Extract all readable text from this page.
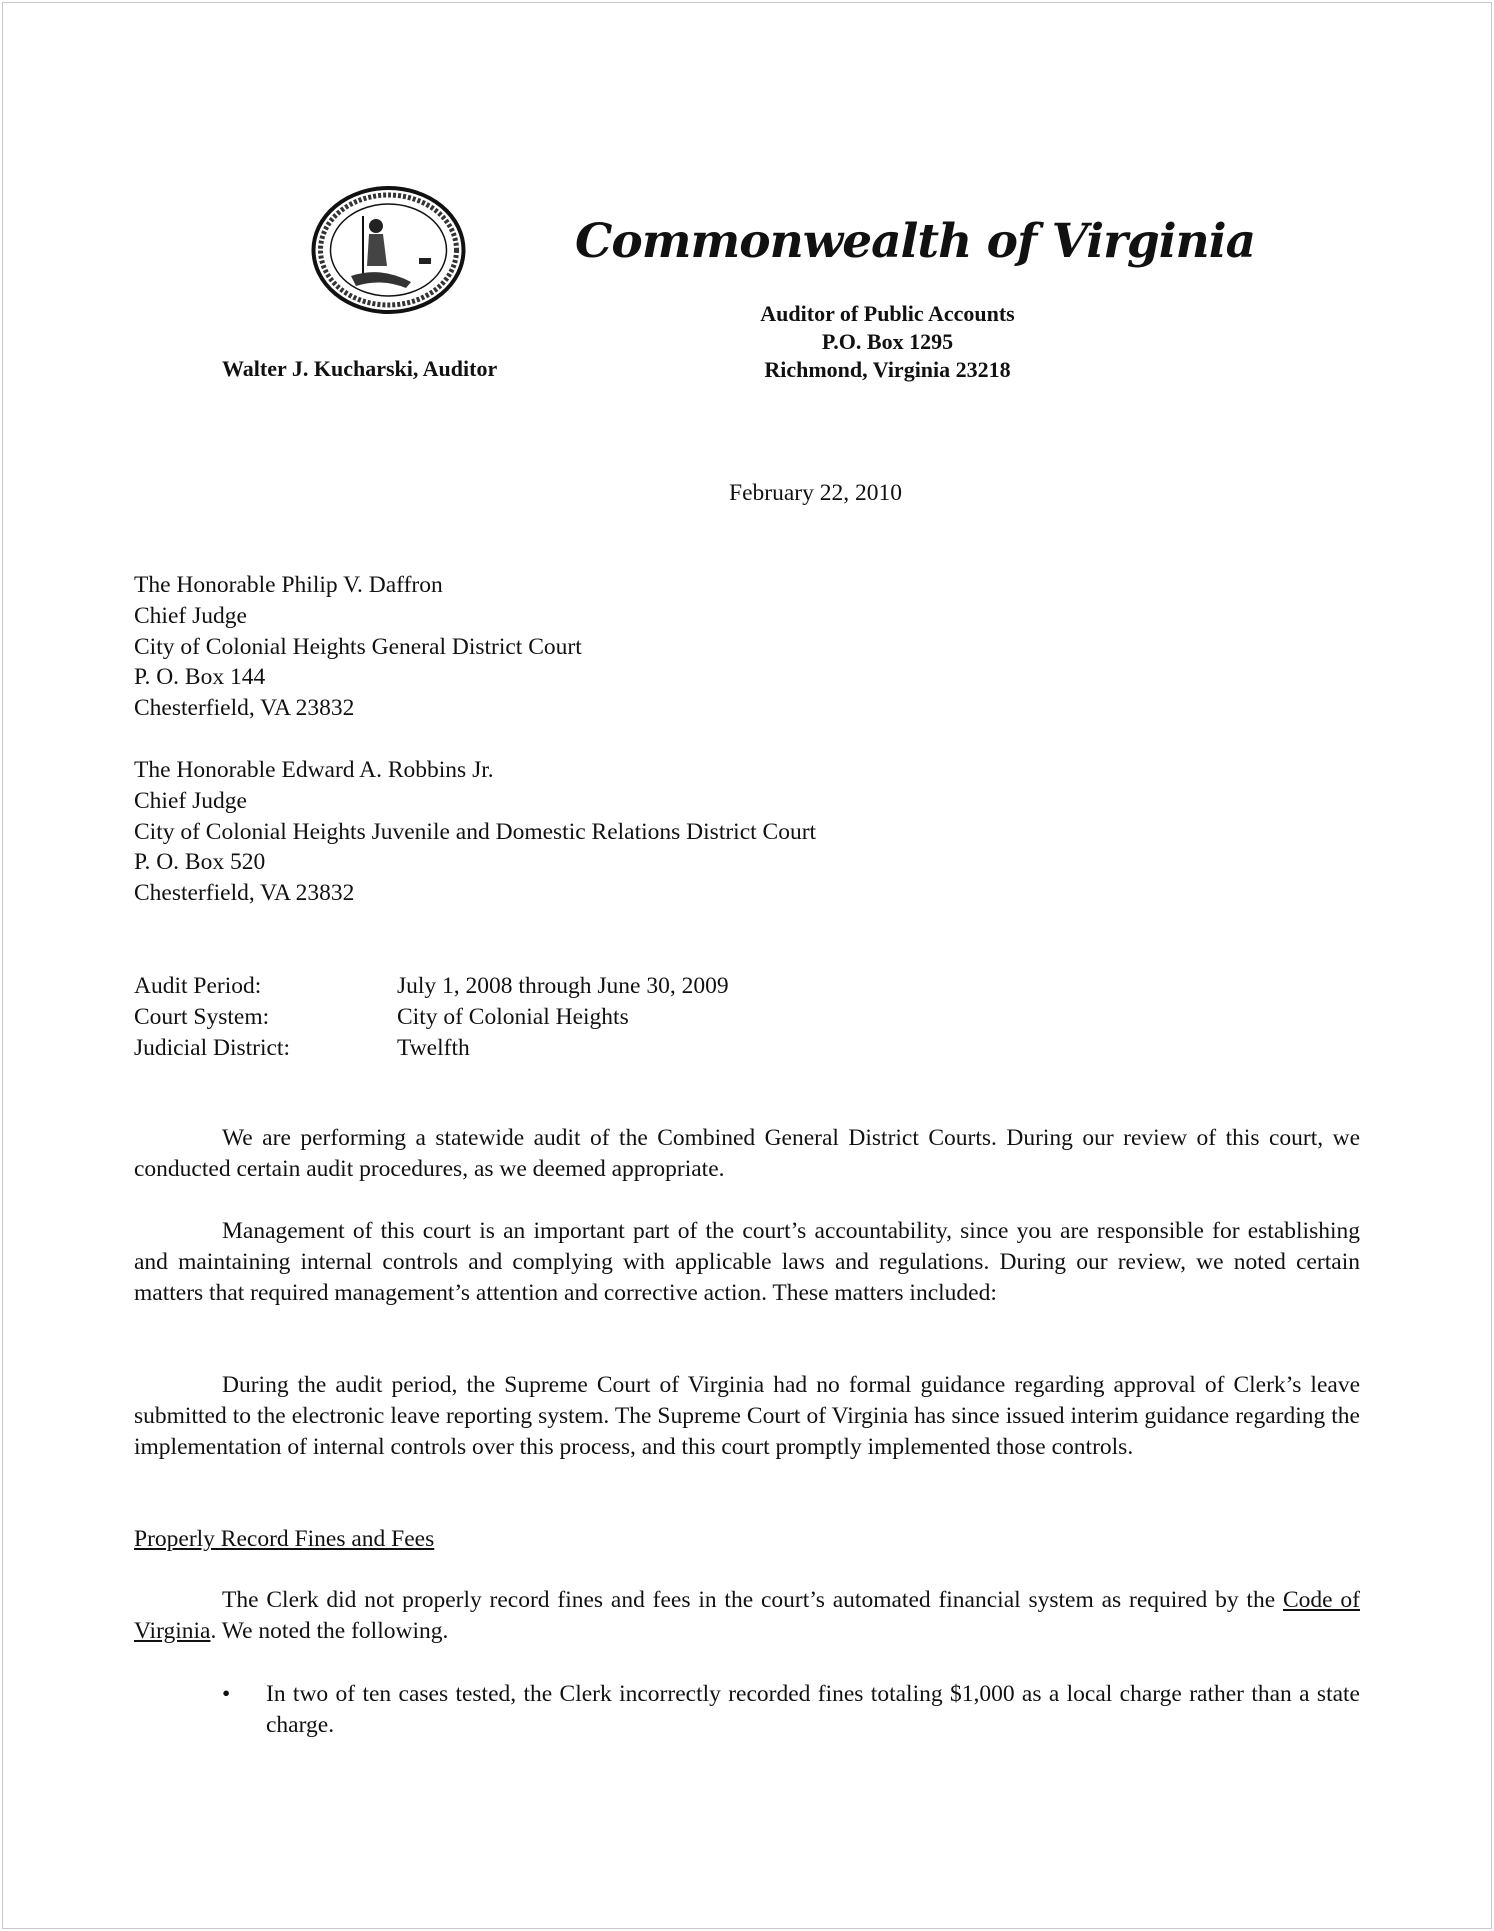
Commonwealth of Virginia
Auditor of Public Accounts
P.O. Box 1295
Richmond, Virginia 23218
Walter J. Kucharski, Auditor
February 22, 2010
The Honorable Philip V. Daffron
Chief Judge
City of Colonial Heights General District Court
P. O. Box 144
Chesterfield, VA 23832
The Honorable Edward A. Robbins Jr.
Chief Judge
City of Colonial Heights Juvenile and Domestic Relations District Court
P. O. Box 520
Chesterfield, VA 23832
Audit Period:	July 1, 2008 through June 30, 2009
Court System:	City of Colonial Heights
Judicial District:	Twelfth
We are performing a statewide audit of the Combined General District Courts. During our review of this court, we conducted certain audit procedures, as we deemed appropriate.
Management of this court is an important part of the court’s accountability, since you are responsible for establishing and maintaining internal controls and complying with applicable laws and regulations. During our review, we noted certain matters that required management’s attention and corrective action. These matters included:
During the audit period, the Supreme Court of Virginia had no formal guidance regarding approval of Clerk’s leave submitted to the electronic leave reporting system. The Supreme Court of Virginia has since issued interim guidance regarding the implementation of internal controls over this process, and this court promptly implemented those controls.
Properly Record Fines and Fees
The Clerk did not properly record fines and fees in the court’s automated financial system as required by the Code of Virginia. We noted the following.
•	In two of ten cases tested, the Clerk incorrectly recorded fines totaling $1,000 as a local charge rather than a state charge.
